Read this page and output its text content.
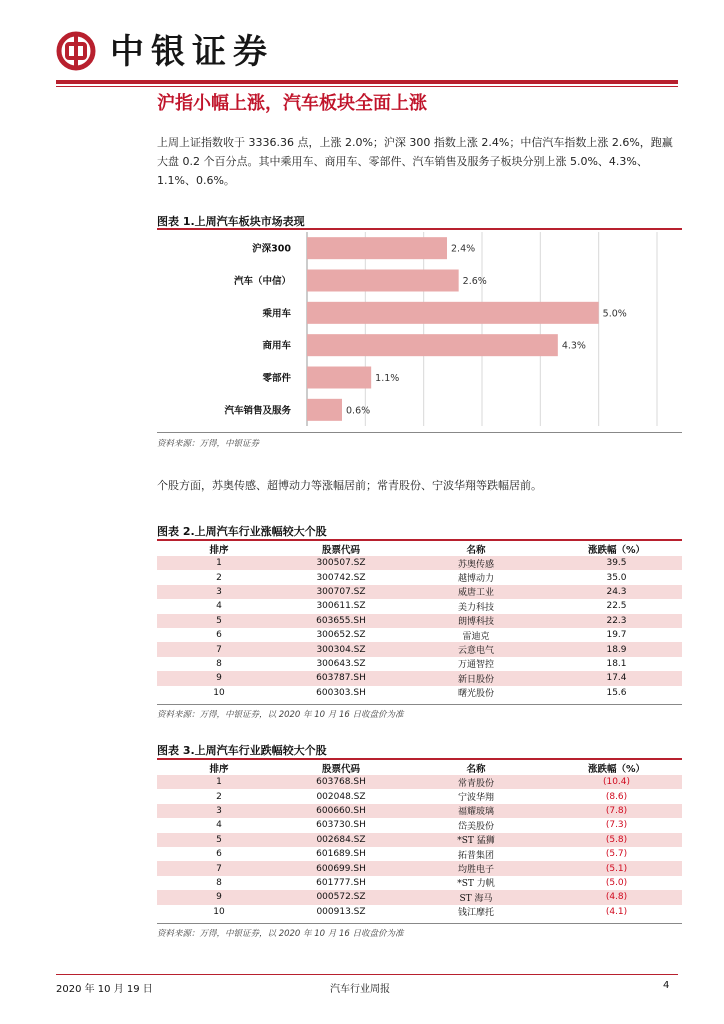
中银证券
沪指小幅上涨，汽车板块全面上涨
上周上证指数收于 3336.36 点，上涨 2.0%；沪深 300 指数上涨 2.4%；中信汽车指数上涨 2.6%，跑赢大盘 0.2 个百分点。其中乘用车、商用车、零部件、汽车销售及服务子板块分别上涨 5.0%、4.3%、1.1%、0.6%。
图表 1.上周汽车板块市场表现
沪深300	2.4%
汽车（中信）	2.6%
乘用车	5.0%
商用车	4.3%
零部件	1.1%
汽车销售及服务	0.6%
资料来源：万得，中银证券
个股方面，苏奥传感、超博动力等涨幅居前；常青股份、宁波华翔等跌幅居前。
图表 2.上周汽车行业涨幅较大个股
排序	股票代码	名称	涨跌幅（%）
1	300507.SZ	苏奥传感	39.5
2	300742.SZ	越博动力	35.0
3	300707.SZ	威唐工业	24.3
4	300611.SZ	美力科技	22.5
5	603655.SH	朗博科技	22.3
6	300652.SZ	雷迪克	19.7
7	300304.SZ	云意电气	18.9
8	300643.SZ	万通智控	18.1
9	603787.SH	新日股份	17.4
10	600303.SH	曙光股份	15.6
资料来源：万得，中银证券，以 2020 年 10 月 16 日收盘价为准
图表 3.上周汽车行业跌幅较大个股
排序	股票代码	名称	涨跌幅（%）
1	603768.SH	常青股份	(10.4)
2	002048.SZ	宁波华翔	(8.6)
3	600660.SH	福耀玻璃	(7.8)
4	603730.SH	岱美股份	(7.3)
5	002684.SZ	*ST 猛狮	(5.8)
6	601689.SH	拓普集团	(5.7)
7	600699.SH	均胜电子	(5.1)
8	601777.SH	*ST 力帆	(5.0)
9	000572.SZ	ST 海马	(4.8)
10	000913.SZ	钱江摩托	(4.1)
资料来源：万得，中银证券，以 2020 年 10 月 16 日收盘价为准
2020 年 10 月 19 日	汽车行业周报	4
